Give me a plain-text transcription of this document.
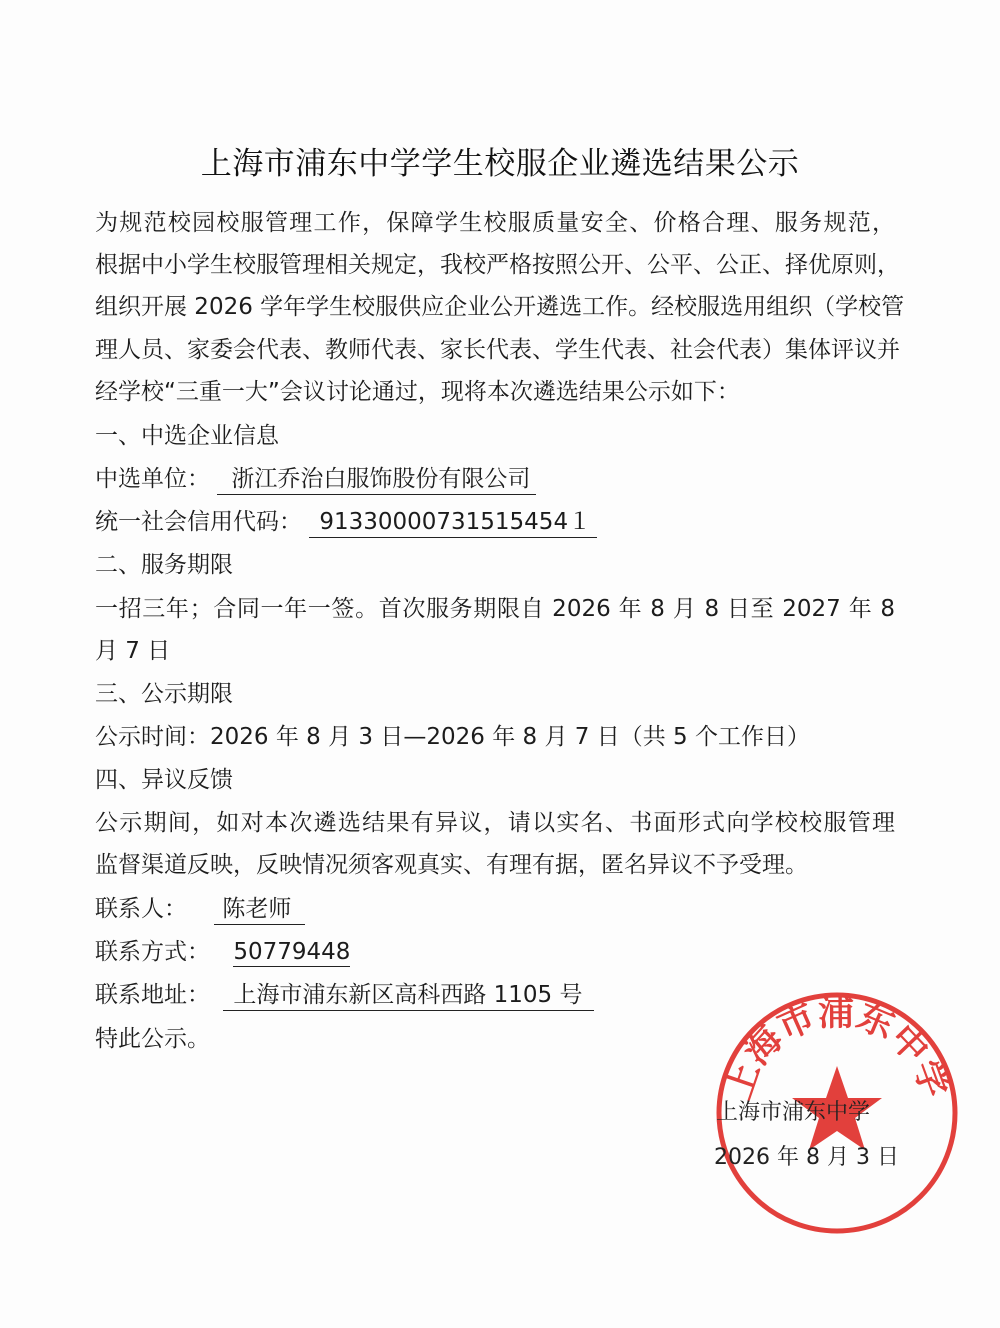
上海市浦东中学学生校服企业遴选结果公示
为规范校园校服管理工作，保障学生校服质量安全、价格合理、服务规范，
根据中小学生校服管理相关规定，我校严格按照公开、公平、公正、择优原则，
组织开展 2026 学年学生校服供应企业公开遴选工作。经校服选用组织（学校管
理人员、家委会代表、教师代表、家长代表、学生代表、社会代表）集体评议并
经学校“三重一大”会议讨论通过，现将本次遴选结果公示如下：
一、中选企业信息
中选单位： 浙江乔治白服饰股份有限公司
统一社会信用代码： 91330000731515454１
二、服务期限
一招三年；合同一年一签。首次服务期限自 2026 年 8 月 8 日至 2027 年 8
月 7 日
三、公示期限
公示时间：2026 年 8 月 3 日—2026 年 8 月 7 日（共 5 个工作日）
四、异议反馈
公示期间，如对本次遴选结果有异议，请以实名、书面形式向学校校服管理
监督渠道反映，反映情况须客观真实、有理有据，匿名异议不予受理。
联系人： 陈老师
联系方式： 50779448
联系地址： 上海市浦东新区高科西路 1105 号
特此公示。
上海市浦东中学
上海市浦东中学
2026 年 8 月 3 日
